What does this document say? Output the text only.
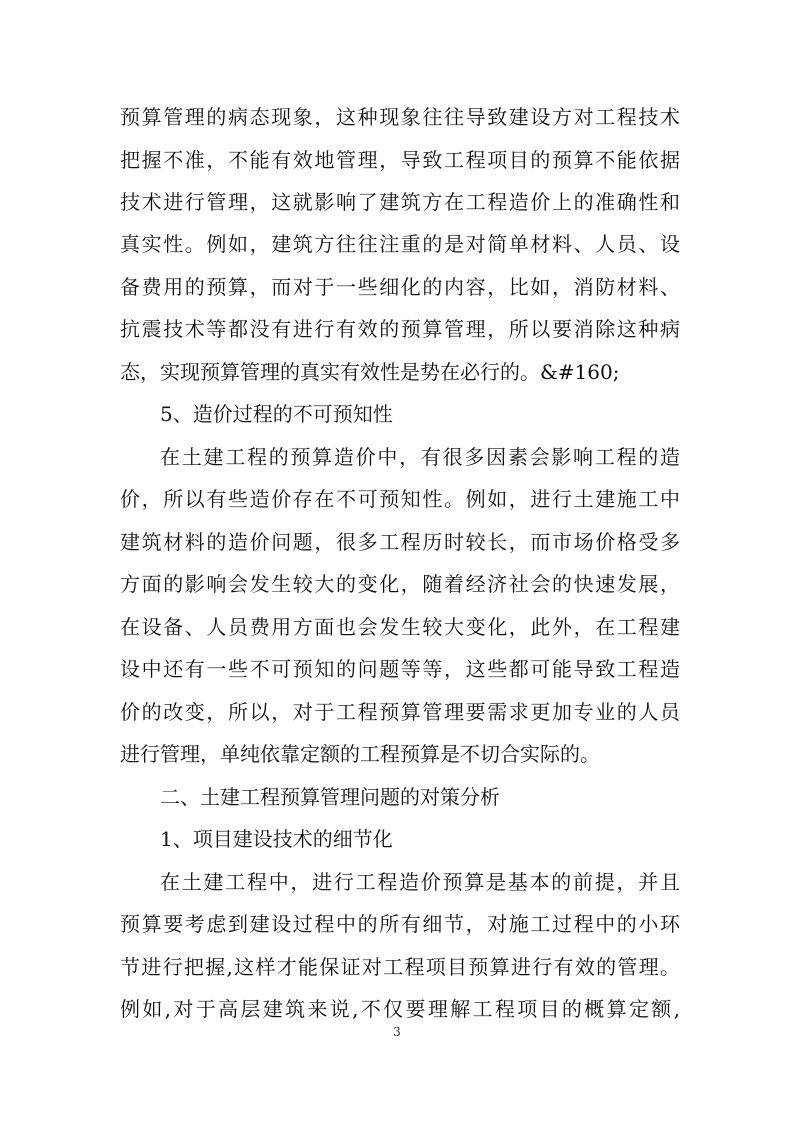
预算管理的病态现象，这种现象往往导致建设方对工程技术
把握不准，不能有效地管理，导致工程项目的预算不能依据
技术进行管理，这就影响了建筑方在工程造价上的准确性和
真实性。例如，建筑方往往注重的是对简单材料、人员、设
备费用的预算，而对于一些细化的内容，比如，消防材料、
抗震技术等都没有进行有效的预算管理，所以要消除这种病
态，实现预算管理的真实有效性是势在必行的。&#160;
5、造价过程的不可预知性
在土建工程的预算造价中，有很多因素会影响工程的造
价，所以有些造价存在不可预知性。例如，进行土建施工中
建筑材料的造价问题，很多工程历时较长，而市场价格受多
方面的影响会发生较大的变化，随着经济社会的快速发展，
在设备、人员费用方面也会发生较大变化，此外，在工程建
设中还有一些不可预知的问题等等，这些都可能导致工程造
价的改变，所以，对于工程预算管理要需求更加专业的人员
进行管理，单纯依靠定额的工程预算是不切合实际的。
二、土建工程预算管理问题的对策分析
1、项目建设技术的细节化
在土建工程中，进行工程造价预算是基本的前提，并且
预算要考虑到建设过程中的所有细节，对施工过程中的小环
节进行把握,这样才能保证对工程项目预算进行有效的管理。
例如,对于高层建筑来说,不仅要理解工程项目的概算定额,
3
